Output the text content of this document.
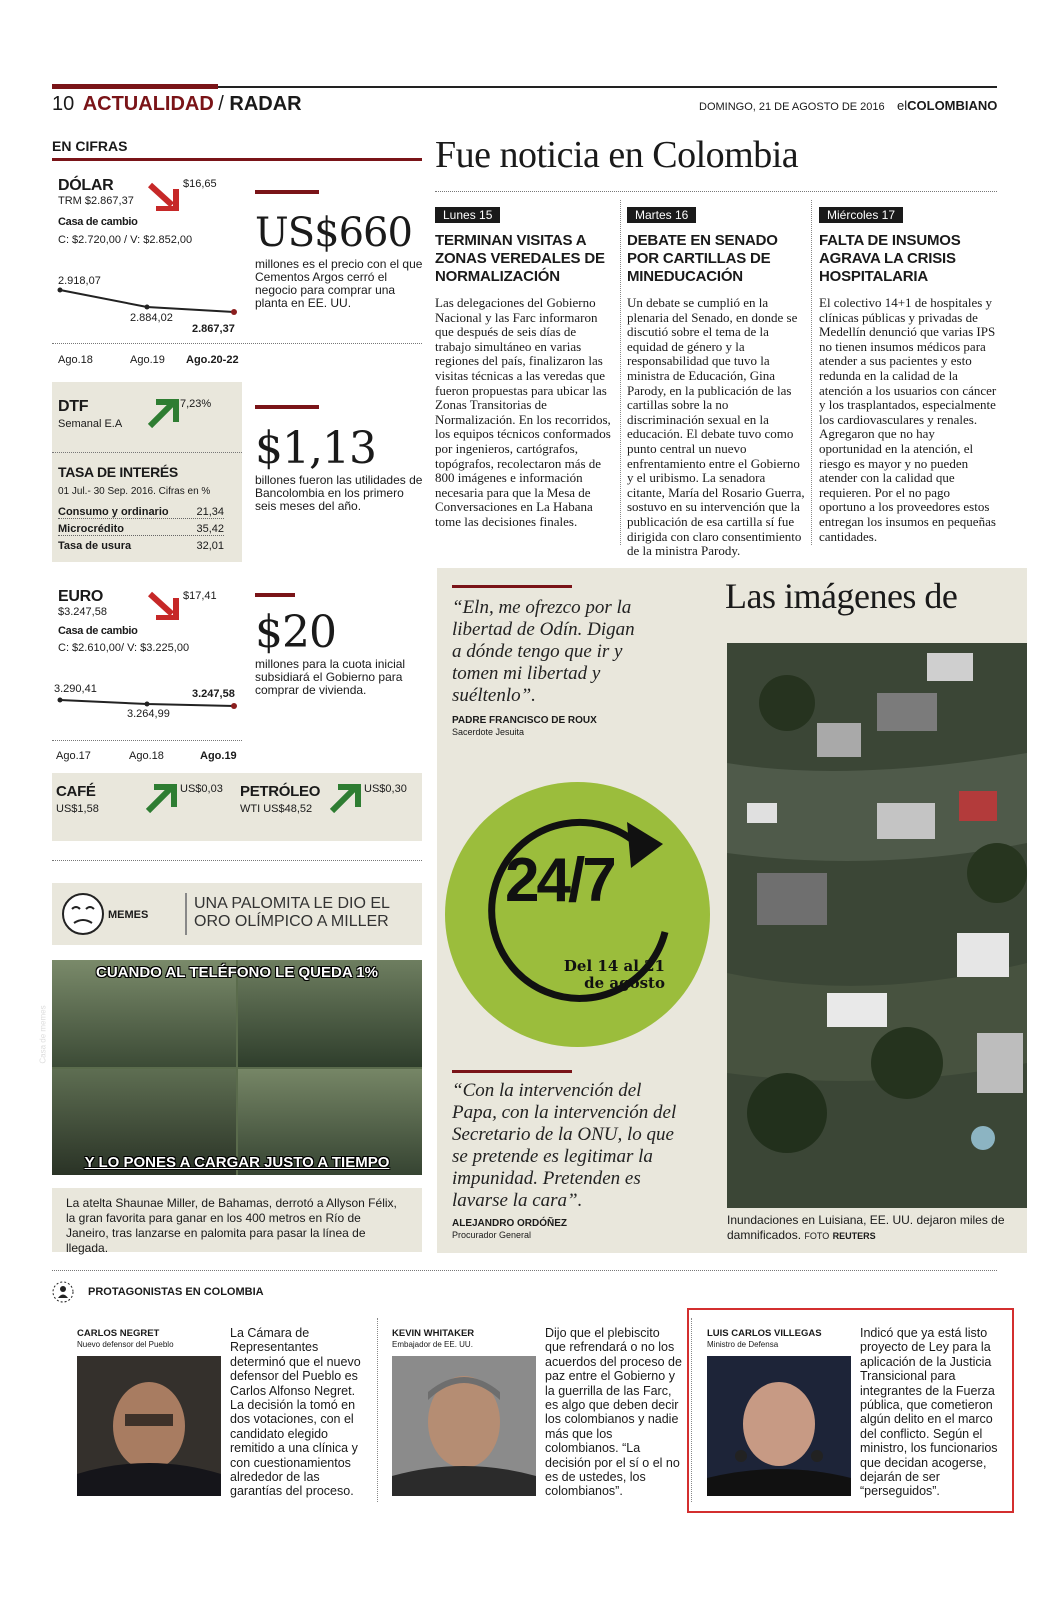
10 ACTUALIDAD / RADAR	DOMINGO, 21 DE AGOSTO DE 2016 elCOLOMBIANO
EN CIFRAS
DÓLAR
TRM $2.867,37
$16,65
Casa de cambio
C: $2.720,00 / V: $2.852,00
2.918,07
2.884,02
2.867,37
Ago.18	Ago.19 Ago.20-22
DTF
Semanal E.A
7,23%
TASA DE INTERÉS
01 Jul.- 30 Sep. 2016. Cifras en %
Consumo y ordinario	21,34
Microcrédito	35,42
Tasa de usura	32,01
EURO
$3.247,58
$17,41
Casa de cambio
C: $2.610,00/ V: $3.225,00
3.290,41
3.264,99
3.247,58
Ago.17	Ago.18	Ago.19
CAFÉ
US$1,58
US$0,03 PETRÓLEO
WTI US$48,52
US$0,30
US$660
millones es el precio con el que Cementos Argos cerró el negocio para comprar una planta en EE. UU.
$1,13
billones fueron las utilidades de Bancolombia en los primero seis meses del año.
$20
millones para la cuota inicial subsidiará el Gobierno para comprar de vivienda.
MEMES
UNA PALOMITA LE DIO EL ORO OLÍMPICO A MILLER
CUANDO AL TELÉFONO LE QUEDA 1%
Y LO PONES A CARGAR JUSTO A TIEMPO
Casa de memes
La atelta Shaunae Miller, de Bahamas, derrotó a Allyson Félix, la gran favorita para ganar en los 400 metros en Río de Janeiro, tras lanzarse en palomita para pasar la línea de llegada.
Fue noticia en Colombia
Lunes 15
TERMINAN VISITAS A ZONAS VEREDALES DE NORMALIZACIÓN
Las delegaciones del Gobierno Nacional y las Farc informaron que después de seis días de trabajo simultáneo en varias regiones del país, finalizaron las visitas técnicas a las veredas que fueron propuestas para ubicar las Zonas Transitorias de Normalización. En los recorridos, los equipos técnicos conformados por ingenieros, cartógrafos, topógrafos, recolectaron más de 800 imágenes e información necesaria para que la Mesa de Conversaciones en La Habana tome las decisiones finales.
Martes 16
DEBATE EN SENADO POR CARTILLAS DE MINEDUCACIÓN
Un debate se cumplió en la plenaria del Senado, en donde se discutió sobre el tema de la equidad de género y la responsabilidad que tuvo la ministra de Educación, Gina Parody, en la publicación de las cartillas sobre la no discriminación sexual en la educación. El debate tuvo como punto central un nuevo enfrentamiento entre el Gobierno y el uribismo. La senadora citante, María del Rosario Guerra, sostuvo en su intervención que la publicación de esa cartilla sí fue dirigida con claro consentimiento de la ministra Parody.
Miércoles 17
FALTA DE INSUMOS AGRAVA LA CRISIS HOSPITALARIA
El colectivo 14+1 de hospitales y clínicas públicas y privadas de Medellín denunció que varias IPS no tienen insumos médicos para atender a sus pacientes y esto redunda en la calidad de la atención a los usuarios con cáncer y los trasplantados, especialmente los cardiovasculares y renales. Agregaron que no hay oportunidad en la atención, el riesgo es mayor y no pueden atender con la calidad que requieren. Por el no pago oportuno a los proveedores estos entregan los insumos en pequeñas cantidades.
“Eln, me ofrezco por la libertad de Odín. Digan a dónde tengo que ir y tomen mi libertad y suéltenlo”.
PADRE FRANCISCO DE ROUX
Sacerdote Jesuita
24/7
Del 14 al 21 de agosto
“Con la intervención del Papa, con la intervención del Secretario de la ONU, lo que se pretende es legitimar la impunidad. Pretenden es lavarse la cara”.
ALEJANDRO ORDÓÑEZ
Procurador General
Las imágenes de
Inundaciones en Luisiana, EE. UU. dejaron miles de damnificados. FOTO REUTERS
PROTAGONISTAS EN COLOMBIA
CARLOS NEGRET
Nuevo defensor del Pueblo
La Cámara de Representantes determinó que el nuevo defensor del Pueblo es Carlos Alfonso Negret. La decisión la tomó en dos votaciones, con el candidato elegido remitido a una clínica y con cuestionamientos alrededor de las garantías del proceso.
KEVIN WHITAKER
Embajador de EE. UU.
Dijo que el plebiscito que refrendará o no los acuerdos del proceso de paz entre el Gobierno y la guerrilla de las Farc, es algo que deben decir los colombianos y nadie más que los colombianos. “La decisión por el sí o el no es de ustedes, los colombianos”.
LUIS CARLOS VILLEGAS
Ministro de Defensa
Indicó que ya está listo proyecto de Ley para la aplicación de la Justicia Transicional para integrantes de la Fuerza pública, que cometieron algún delito en el marco del conflicto. Según el ministro, los funcionarios que decidan acogerse, dejarán de ser “perseguidos”.
